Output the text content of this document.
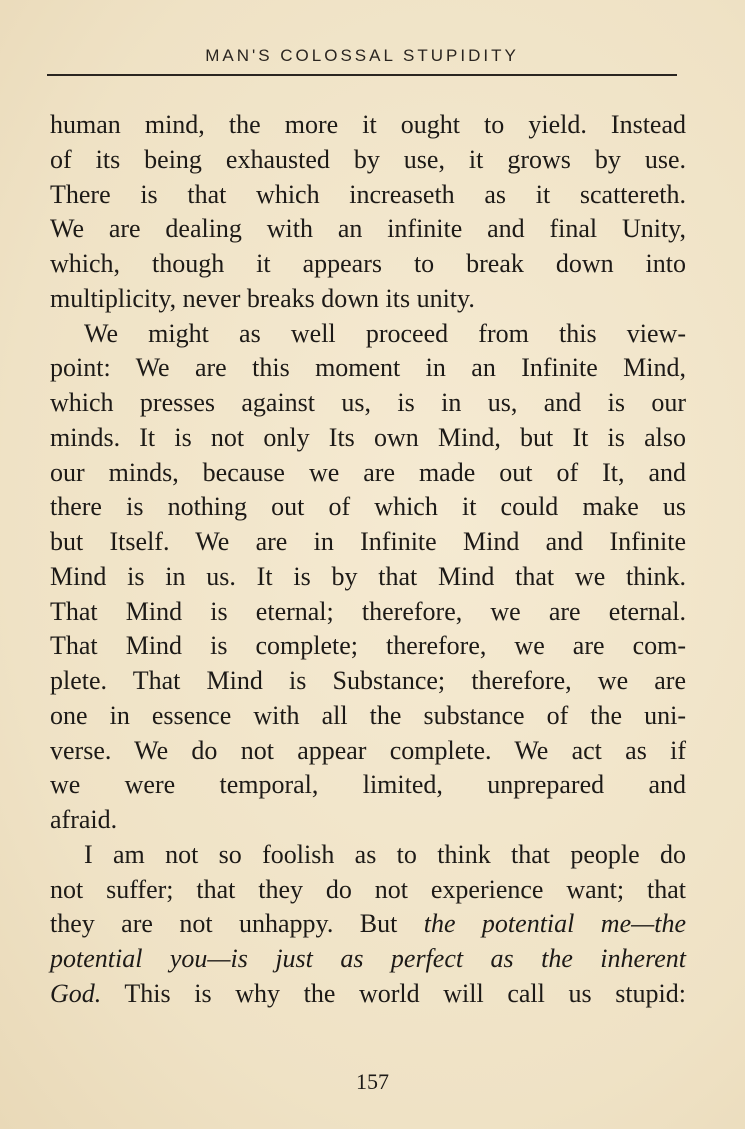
MAN'S COLOSSAL STUPIDITY
human mind, the more it ought to yield. Instead
of its being exhausted by use, it grows by use.
There is that which increaseth as it scattereth.
We are dealing with an infinite and final Unity,
which, though it appears to break down into
multiplicity, never breaks down its unity.
We might as well proceed from this view-
point: We are this moment in an Infinite Mind,
which presses against us, is in us, and is our
minds. It is not only Its own Mind, but It is also
our minds, because we are made out of It, and
there is nothing out of which it could make us
but Itself. We are in Infinite Mind and Infinite
Mind is in us. It is by that Mind that we think.
That Mind is eternal; therefore, we are eternal.
That Mind is complete; therefore, we are com-
plete. That Mind is Substance; therefore, we are
one in essence with all the substance of the uni-
verse. We do not appear complete. We act as if
we were temporal, limited, unprepared and
afraid.
I am not so foolish as to think that people do
not suffer; that they do not experience want; that
they are not unhappy. But the potential me—the
potential you—is just as perfect as the inherent
God. This is why the world will call us stupid:
157
